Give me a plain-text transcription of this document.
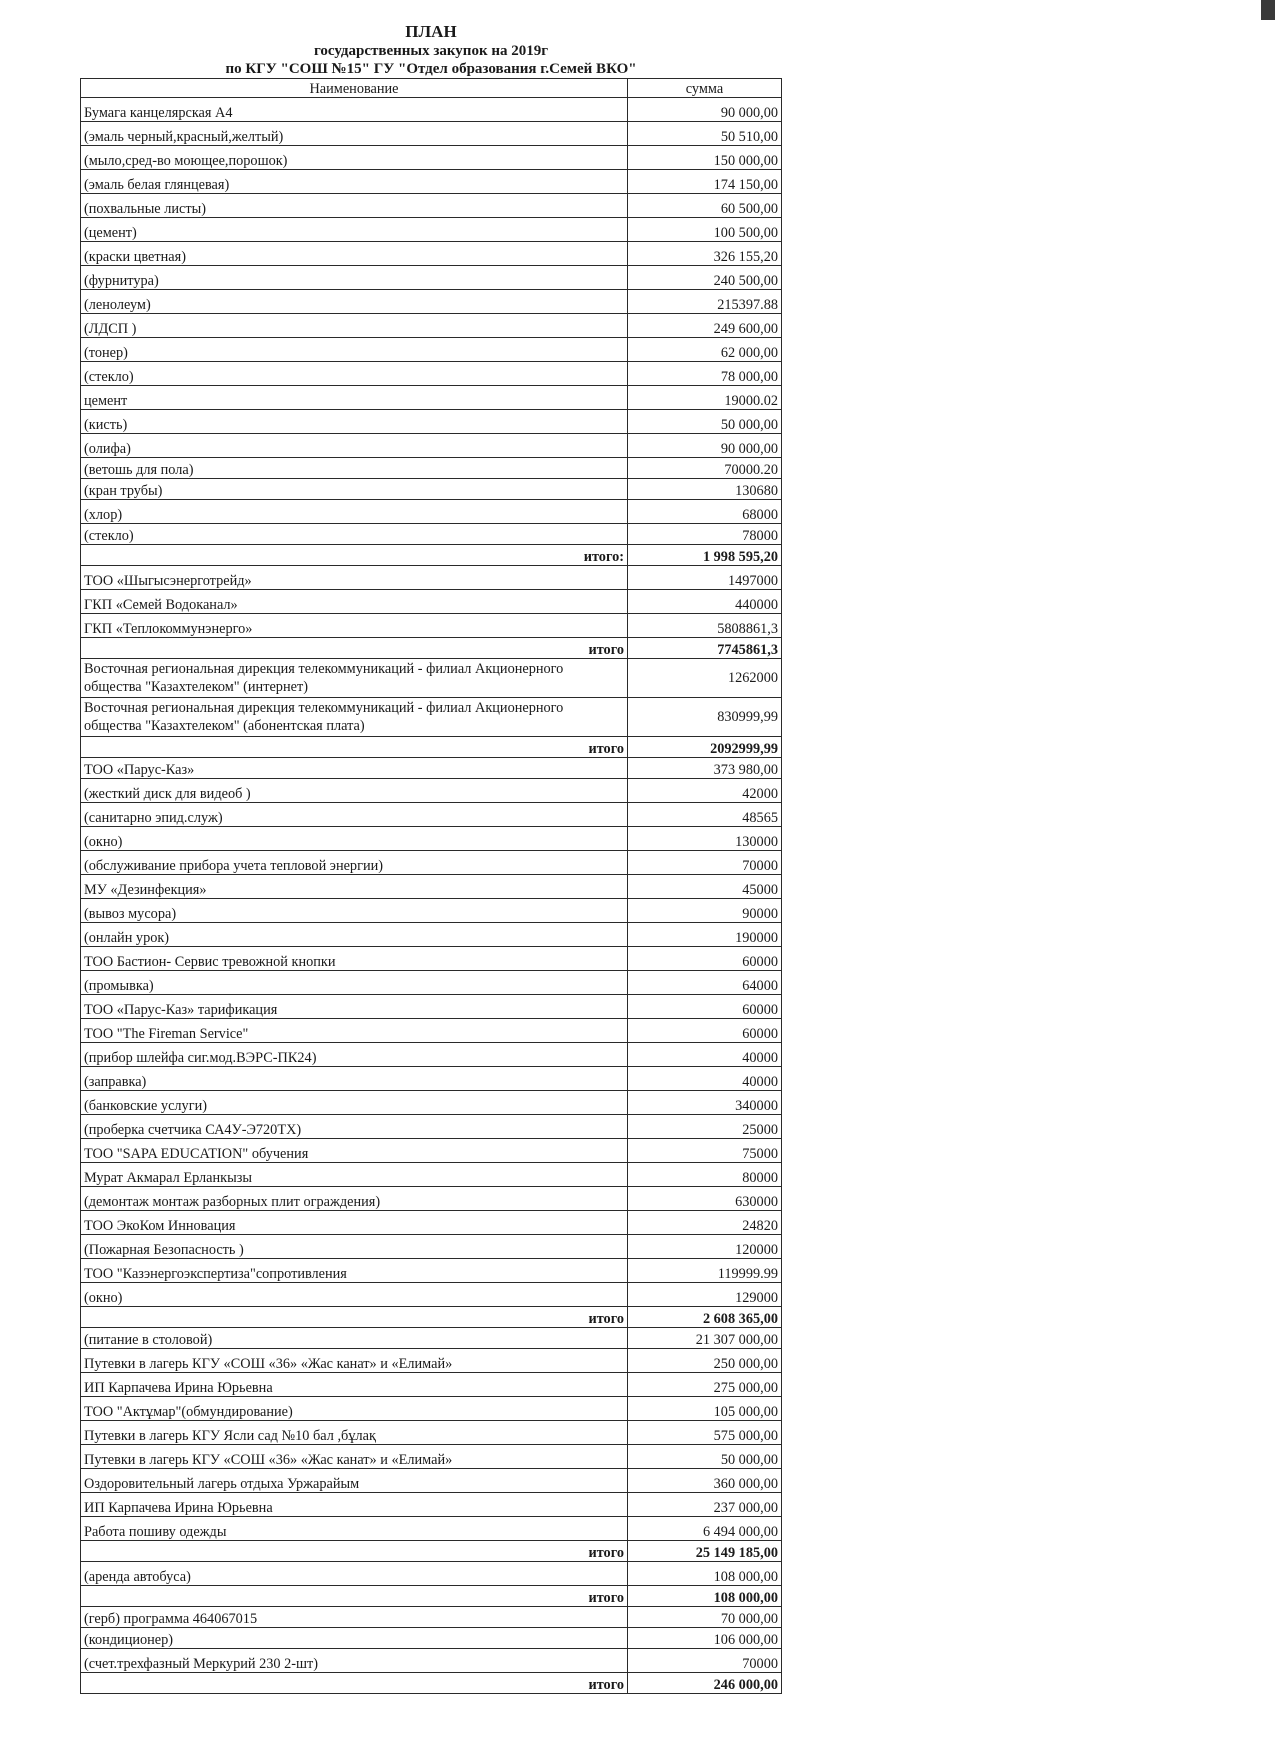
ПЛАН
государственных закупок на 2019г
по КГУ "СОШ №15" ГУ "Отдел образования г.Семей ВКО"
Наименование	сумма
Бумага канцелярская А4	90 000,00
(эмаль черный,красный,желтый)	50 510,00
(мыло,сред-во моющее,порошок)	150 000,00
(эмаль белая глянцевая)	174 150,00
(похвальные листы)	60 500,00
(цемент)	100 500,00
(краски цветная)	326 155,20
(фурнитура)	240 500,00
(ленолеум)	215397.88
(ЛДСП )	249 600,00
(тонер)	62 000,00
(стекло)	78 000,00
цемент	19000.02
(кисть)	50 000,00
(олифа)	90 000,00
(ветошь для пола)	70000.20
(кран трубы)	130680
(хлор)	68000
(стекло)	78000
итого:	1 998 595,20
ТОО «Шыгысэнерготрейд»	1497000
ГКП «Семей Водоканал»	440000
ГКП «Теплокоммунэнерго»	5808861,3
итого	7745861,3
Восточная региональная дирекция телекоммуникаций - филиал Акционерного общества "Казахтелеком" (интернет)	1262000
Восточная региональная дирекция телекоммуникаций - филиал Акционерного общества "Казахтелеком" (абонентская плата)	830999,99
итого	2092999,99
ТОО «Парус-Каз»	373 980,00
(жесткий диск для видеоб )	42000
(санитарно эпид.служ)	48565
(окно)	130000
(обслуживание прибора учета тепловой энергии)	70000
МУ «Дезинфекция»	45000
(вывоз мусора)	90000
(онлайн урок)	190000
ТОО Бастион- Сервис тревожной кнопки	60000
(промывка)	64000
ТОО «Парус-Каз» тарификация	60000
ТОО "The Fireman Service"	60000
(прибор шлейфа сиг.мод.ВЭРС-ПК24)	40000
(заправка)	40000
(банковские услуги)	340000
(проберка счетчика СА4У-Э720ТХ)	25000
ТОО "SAPA EDUCATION" обучения	75000
Мурат Акмарал Ерланкызы	80000
(демонтаж монтаж разборных плит ограждения)	630000
ТОО ЭкоКом Инновация	24820
(Пожарная Безопасность )	120000
ТОО "Казэнергоэкспертиза"сопротивления	119999.99
(окно)	129000
итого	2 608 365,00
(питание в столовой)	21 307 000,00
Путевки в лагерь КГУ «СОШ «36» «Жас канат» и «Елимай»	250 000,00
ИП Карпачева Ирина Юрьевна	275 000,00
ТОО "Актұмар"(обмундирование)	105 000,00
Путевки в лагерь КГУ Ясли сад №10 бал ,бұлақ	575 000,00
Путевки в лагерь КГУ «СОШ «36» «Жас канат» и «Елимай»	50 000,00
Оздоровительный лагерь отдыха Уржарайым	360 000,00
ИП Карпачева Ирина Юрьевна	237 000,00
Работа пошиву одежды	6 494 000,00
итого	25 149 185,00
(аренда автобуса)	108 000,00
итого	108 000,00
(герб) программа 464067015	70 000,00
(кондиционер)	106 000,00
(счет.трехфазный Меркурий 230 2-шт)	70000
итого	246 000,00
